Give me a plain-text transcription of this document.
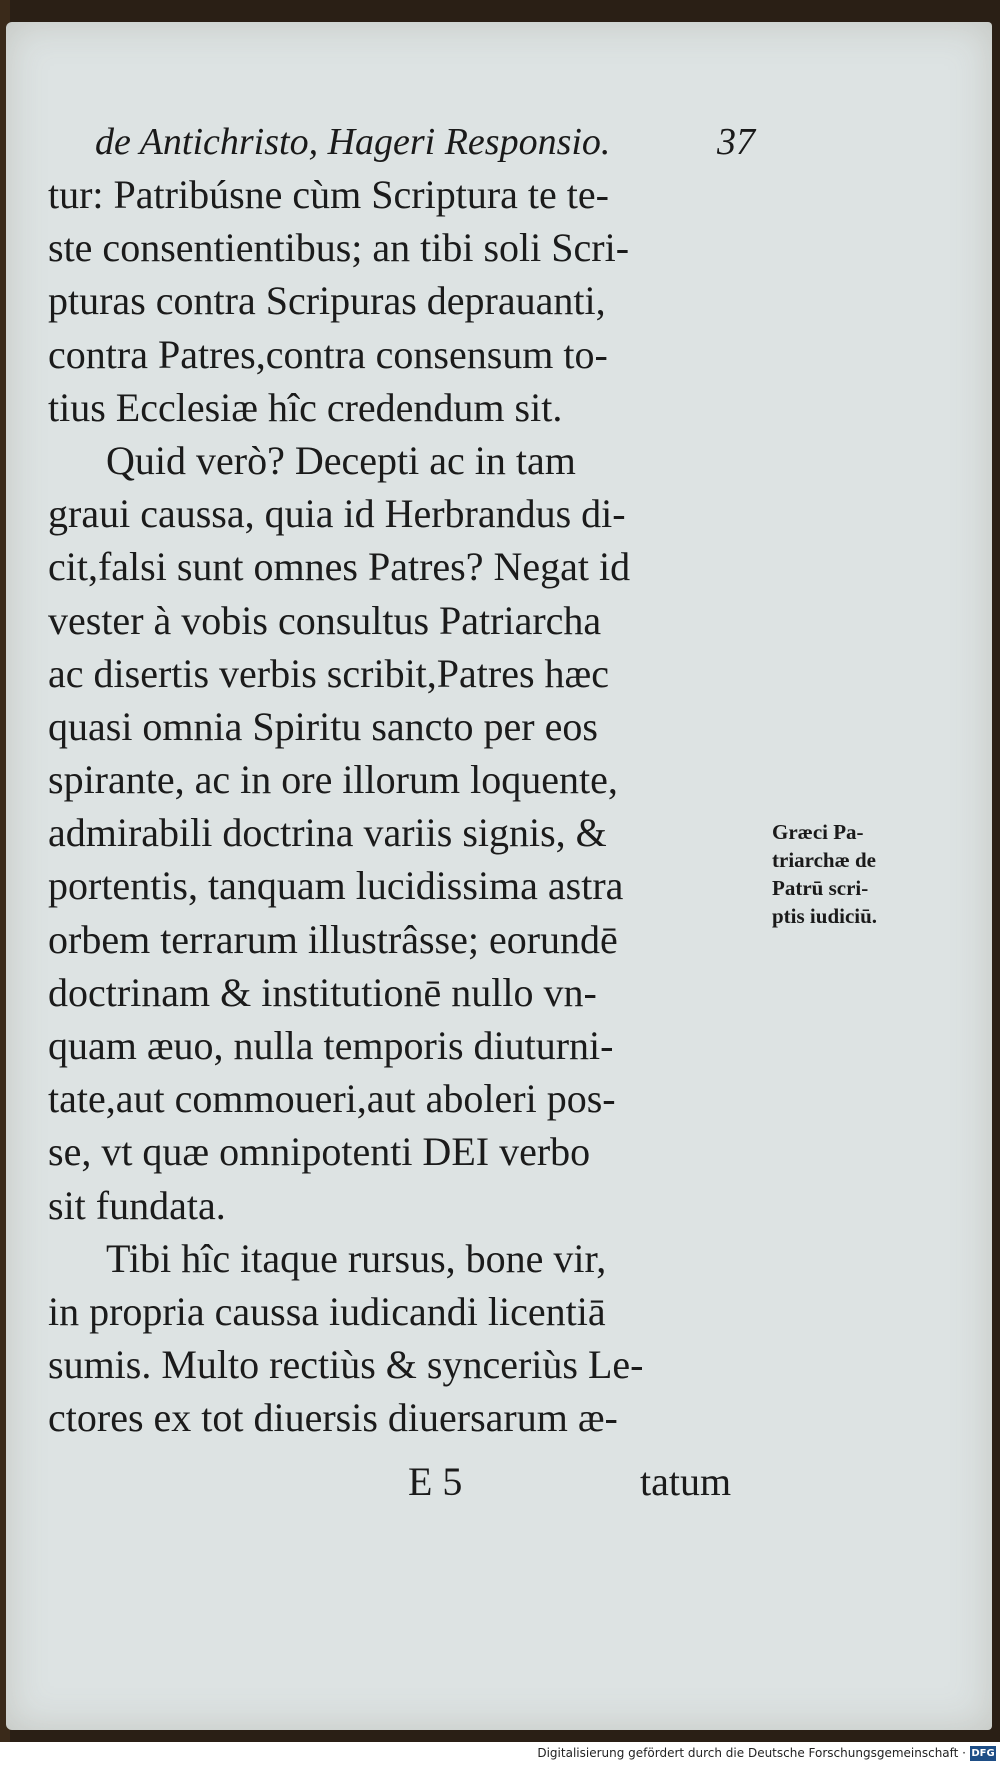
de Antichristo, Hageri Responsio.	37
tur: Patribúsne cùm Scriptura te te-
ste consentientibus; an tibi soli Scri-
pturas contra Scripuras deprauanti,
contra Patres,contra consensum to-
tius Ecclesiæ hîc credendum sit.
Quid verò? Decepti ac in tam
graui caussa, quia id Herbrandus di-
cit,falsi sunt omnes Patres? Negat id
vester à vobis consultus Patriarcha
ac disertis verbis scribit,Patres hæc
quasi omnia Spiritu sancto per eos
spirante, ac in ore illorum loquente,
admirabili doctrina variis signis, &
portentis, tanquam lucidissima astra
orbem terrarum illustrâsse; eorundē
doctrinam & institutionē nullo vn-
quam æuo, nulla temporis diuturni-
tate,aut commoueri,aut aboleri pos-
se, vt quæ omnipotenti DEI verbo
sit fundata.
Tibi hîc itaque rursus, bone vir,
in propria caussa iudicandi licentiā
sumis. Multo rectiùs & synceriùs Le-
ctores ex tot diuersis diuersarum æ-
Græci Pa-
triarchæ de
Patrū scri-
ptis iudiciū.
E 5	tatum
Digitalisierung gefördert durch die Deutsche Forschungsgemeinschaft · DFG
